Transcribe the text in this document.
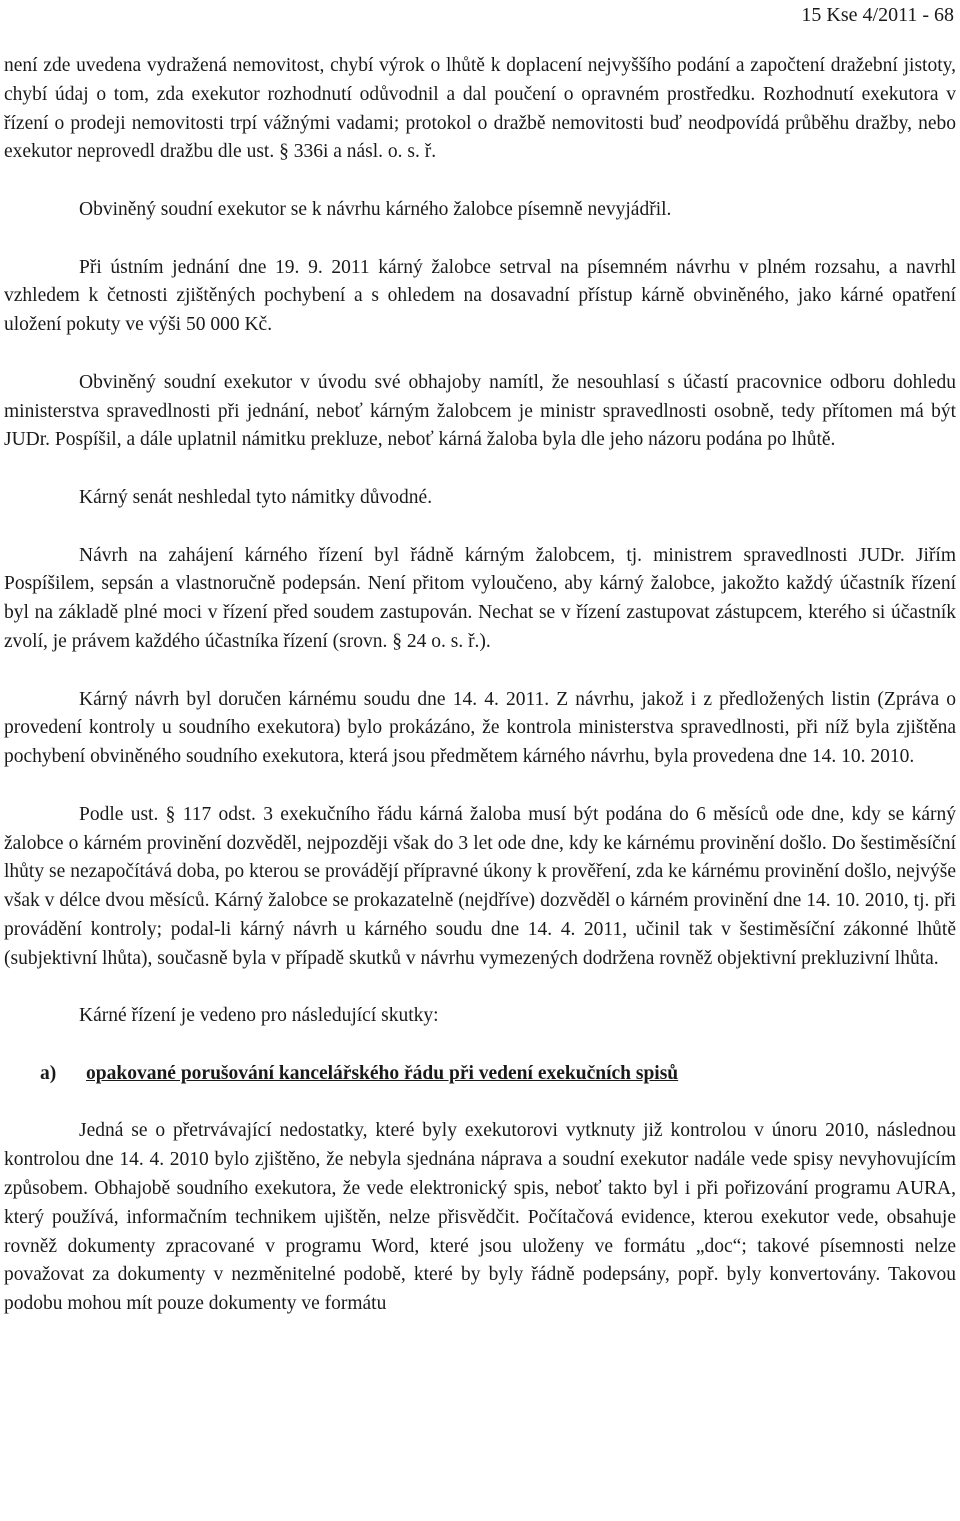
15 Kse 4/2011 - 68

není zde uvedena vydražená nemovitost, chybí výrok o lhůtě k doplacení nejvyššího podání a započtení dražební jistoty, chybí údaj o tom, zda exekutor rozhodnutí odůvodnil a dal poučení o opravném prostředku. Rozhodnutí exekutora v řízení o prodeji nemovitosti trpí vážnými vadami; protokol o dražbě nemovitosti buď neodpovídá průběhu dražby, nebo exekutor neprovedl dražbu dle ust. § 336i a násl. o. s. ř.

Obviněný soudní exekutor se k návrhu kárného žalobce písemně nevyjádřil.

Při ústním jednání dne 19. 9. 2011 kárný žalobce setrval na písemném návrhu v plném rozsahu, a navrhl vzhledem k četnosti zjištěných pochybení a s ohledem na dosavadní přístup kárně obviněného, jako kárné opatření uložení pokuty ve výši 50 000 Kč.

Obviněný soudní exekutor v úvodu své obhajoby namítl, že nesouhlasí s účastí pracovnice odboru dohledu ministerstva spravedlnosti při jednání, neboť kárným žalobcem je ministr spravedlnosti osobně, tedy přítomen má být JUDr. Pospíšil, a dále uplatnil námitku prekluze, neboť kárná žaloba byla dle jeho názoru podána po lhůtě.

Kárný senát neshledal tyto námitky důvodné.

Návrh na zahájení kárného řízení byl řádně kárným žalobcem, tj. ministrem spravedlnosti JUDr. Jiřím Pospíšilem, sepsán a vlastnoručně podepsán. Není přitom vyloučeno, aby kárný žalobce, jakožto každý účastník řízení byl na základě plné moci v řízení před soudem zastupován. Nechat se v řízení zastupovat zástupcem, kterého si účastník zvolí, je právem každého účastníka řízení (srovn. § 24 o. s. ř.).

Kárný návrh byl doručen kárnému soudu dne 14. 4. 2011. Z návrhu, jakož i z předložených listin (Zpráva o provedení kontroly u soudního exekutora) bylo prokázáno, že kontrola ministerstva spravedlnosti, při níž byla zjištěna pochybení obviněného soudního exekutora, která jsou předmětem kárného návrhu, byla provedena dne 14. 10. 2010.

Podle ust. § 117 odst. 3 exekučního řádu kárná žaloba musí být podána do 6 měsíců ode dne, kdy se kárný žalobce o kárném provinění dozvěděl, nejpozději však do 3 let ode dne, kdy ke kárnému provinění došlo. Do šestiměsíční lhůty se nezapočítává doba, po kterou se provádějí přípravné úkony k prověření, zda ke kárnému provinění došlo, nejvýše však v délce dvou měsíců. Kárný žalobce se prokazatelně (nejdříve) dozvěděl o kárném provinění dne 14. 10. 2010, tj. při provádění kontroly; podal-li kárný návrh u kárného soudu dne 14. 4. 2011, učinil tak v šestiměsíční zákonné lhůtě (subjektivní lhůta), současně byla v případě skutků v návrhu vymezených dodržena rovněž objektivní prekluzivní lhůta.

Kárné řízení je vedeno pro následující skutky:

a) opakované porušování kancelářského řádu při vedení exekučních spisů

Jedná se o přetrvávající nedostatky, které byly exekutorovi vytknuty již kontrolou v únoru 2010, následnou kontrolou dne 14. 4. 2010 bylo zjištěno, že nebyla sjednána náprava a soudní exekutor nadále vede spisy nevyhovujícím způsobem. Obhajobě soudního exekutora, že vede elektronický spis, neboť takto byl i při pořizování programu AURA, který používá, informačním technikem ujištěn, nelze přisvědčit. Počítačová evidence, kterou exekutor vede, obsahuje rovněž dokumenty zpracované v programu Word, které jsou uloženy ve formátu „doc“; takové písemnosti nelze považovat za dokumenty v nezměnitelné podobě, které by byly řádně podepsány, popř. byly konvertovány. Takovou podobu mohou mít pouze dokumenty ve formátu
